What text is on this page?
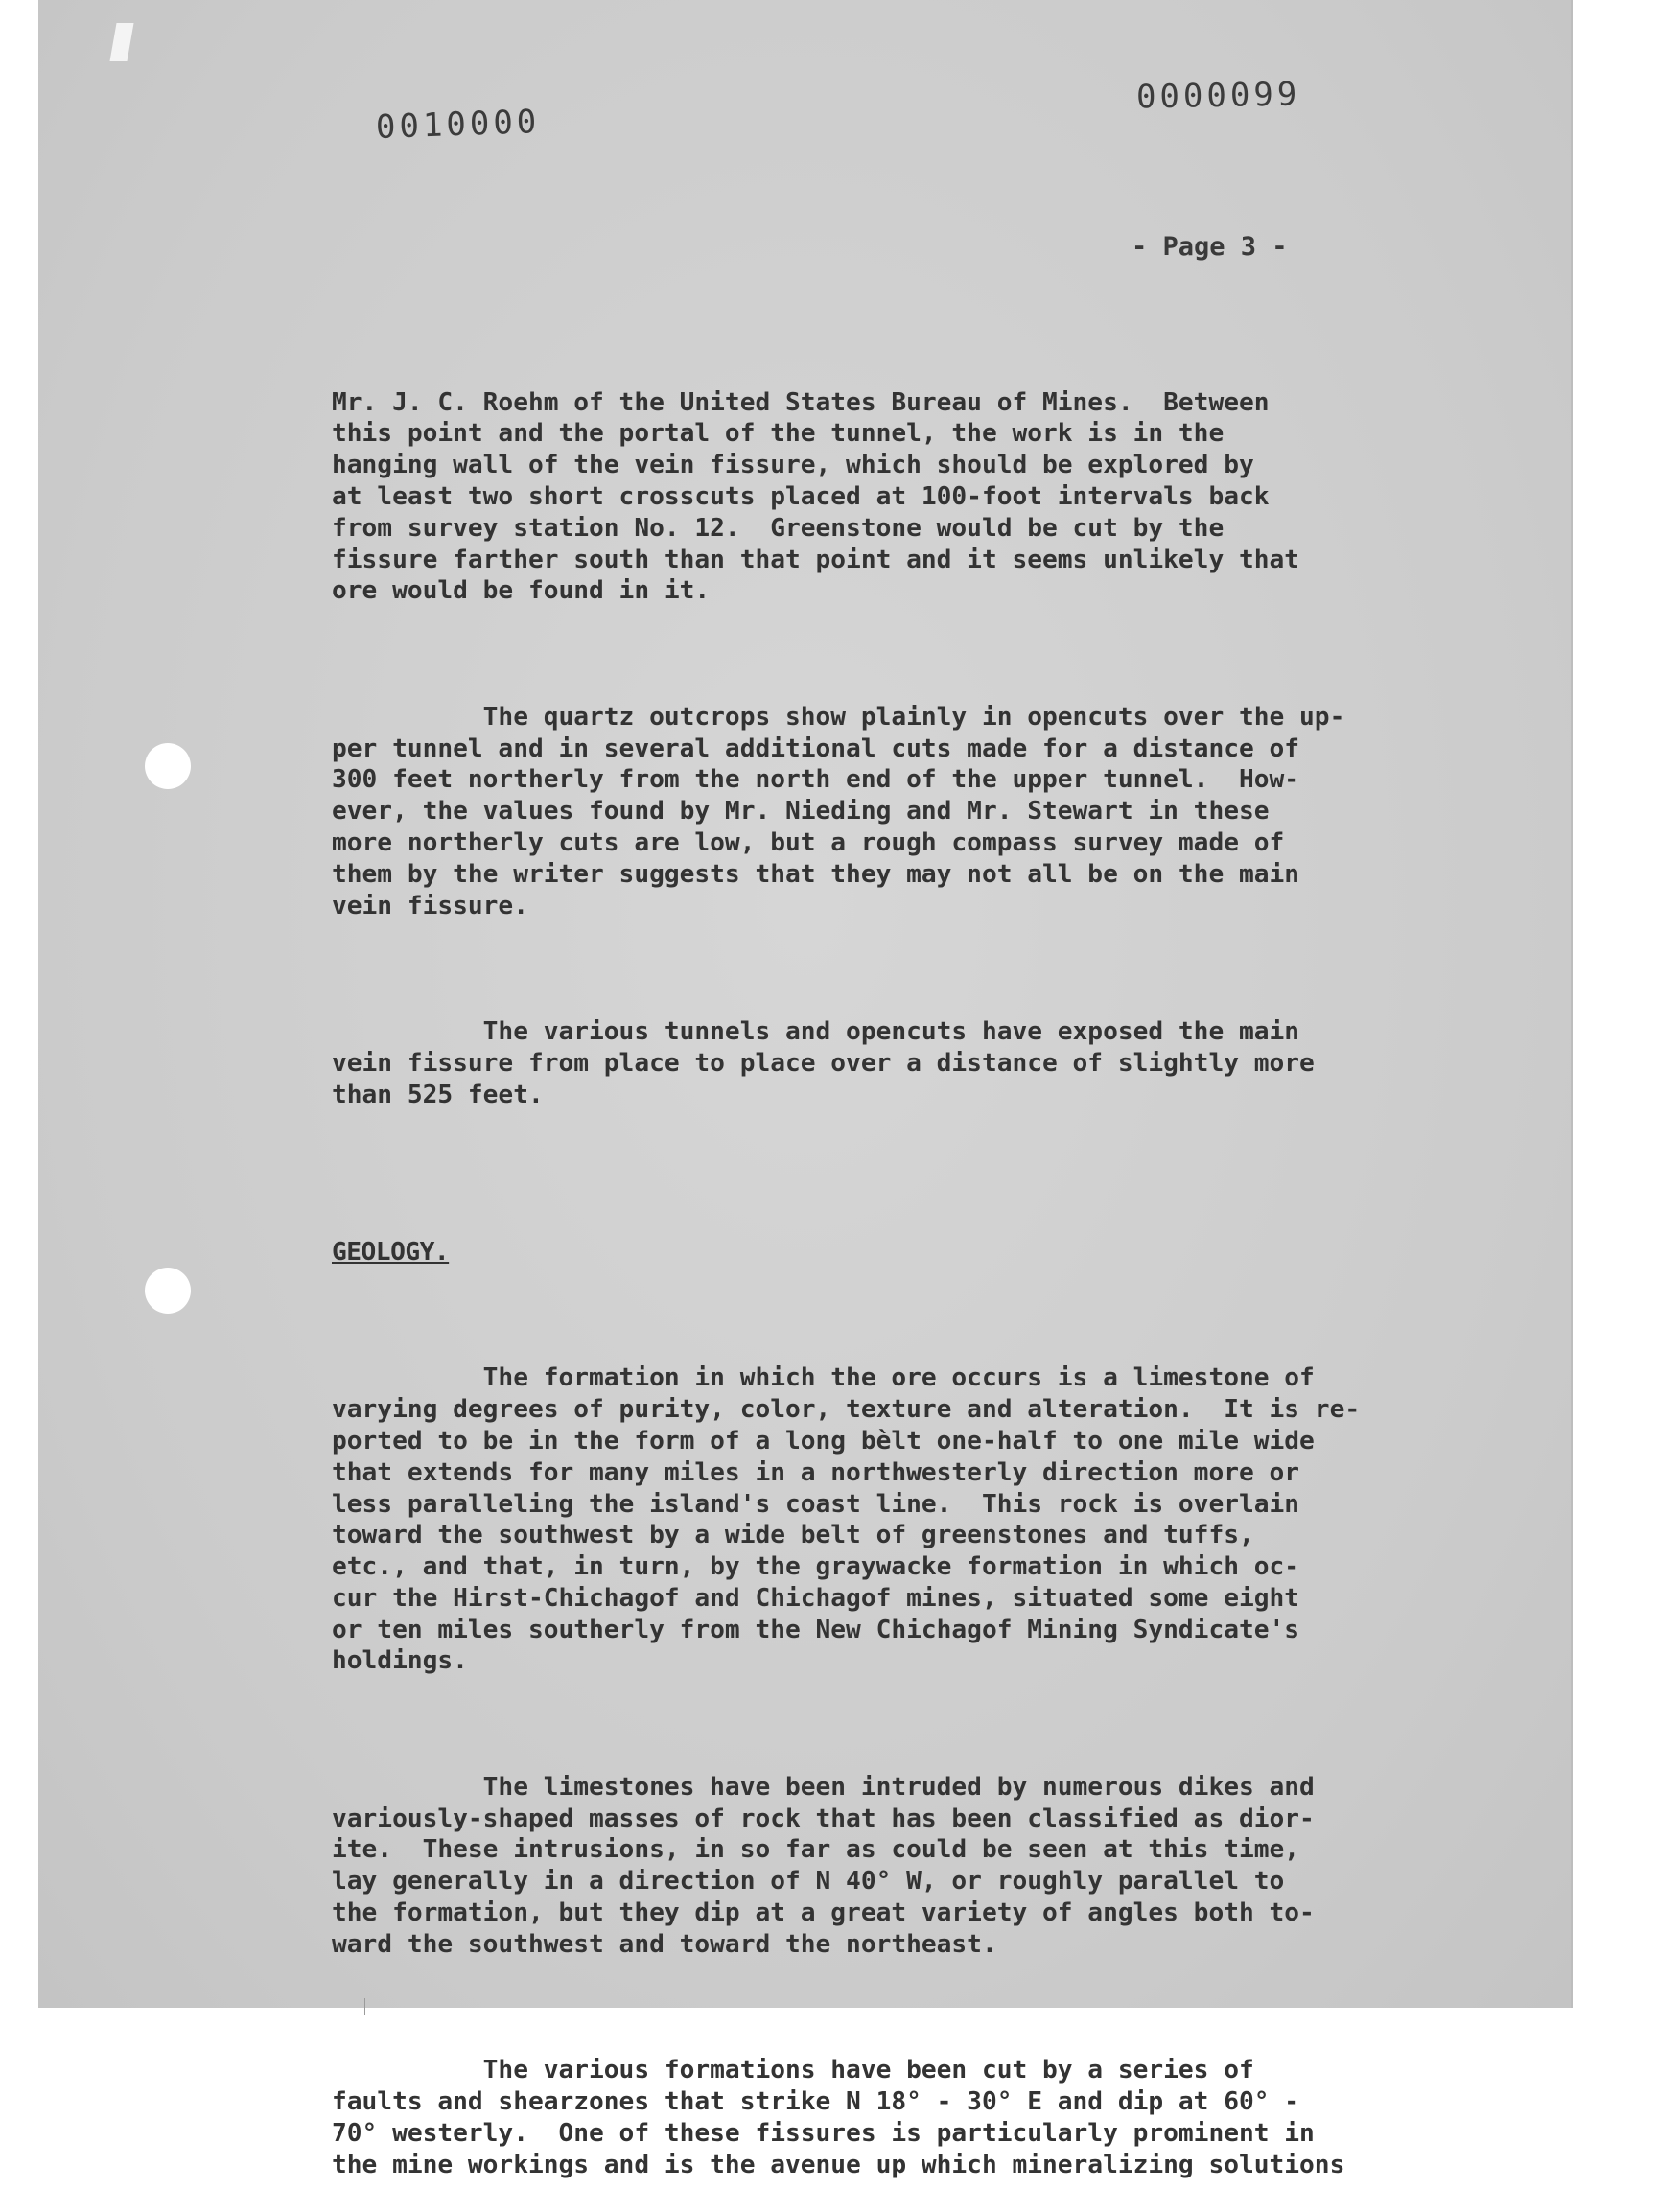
0010000
0000099
- Page 3 -

Mr. J. C. Roehm of the United States Bureau of Mines.  Between
this point and the portal of the tunnel, the work is in the
hanging wall of the vein fissure, which should be explored by
at least two short crosscuts placed at 100-foot intervals back
from survey station No. 12.  Greenstone would be cut by the
fissure farther south than that point and it seems unlikely that
ore would be found in it.

The quartz outcrops show plainly in opencuts over the up-
per tunnel and in several additional cuts made for a distance of
300 feet northerly from the north end of the upper tunnel.  How-
ever, the values found by Mr. Nieding and Mr. Stewart in these
more northerly cuts are low, but a rough compass survey made of
them by the writer suggests that they may not all be on the main
vein fissure.

The various tunnels and opencuts have exposed the main
vein fissure from place to place over a distance of slightly more
than 525 feet.

GEOLOGY.

The formation in which the ore occurs is a limestone of
varying degrees of purity, color, texture and alteration.  It is re-
ported to be in the form of a long bèlt one-half to one mile wide
that extends for many miles in a northwesterly direction more or
less paralleling the island's coast line.  This rock is overlain
toward the southwest by a wide belt of greenstones and tuffs,
etc., and that, in turn, by the graywacke formation in which oc-
cur the Hirst-Chichagof and Chichagof mines, situated some eight
or ten miles southerly from the New Chichagof Mining Syndicate's
holdings.

The limestones have been intruded by numerous dikes and
variously-shaped masses of rock that has been classified as dior-
ite.  These intrusions, in so far as could be seen at this time,
lay generally in a direction of N 40° W, or roughly parallel to
the formation, but they dip at a great variety of angles both to-
ward the southwest and toward the northeast.

The various formations have been cut by a series of
faults and shearzones that strike N 18° - 30° E and dip at 60° -
70° westerly.  One of these fissures is particularly prominent in
the mine workings and is the avenue up which mineralizing solutions
